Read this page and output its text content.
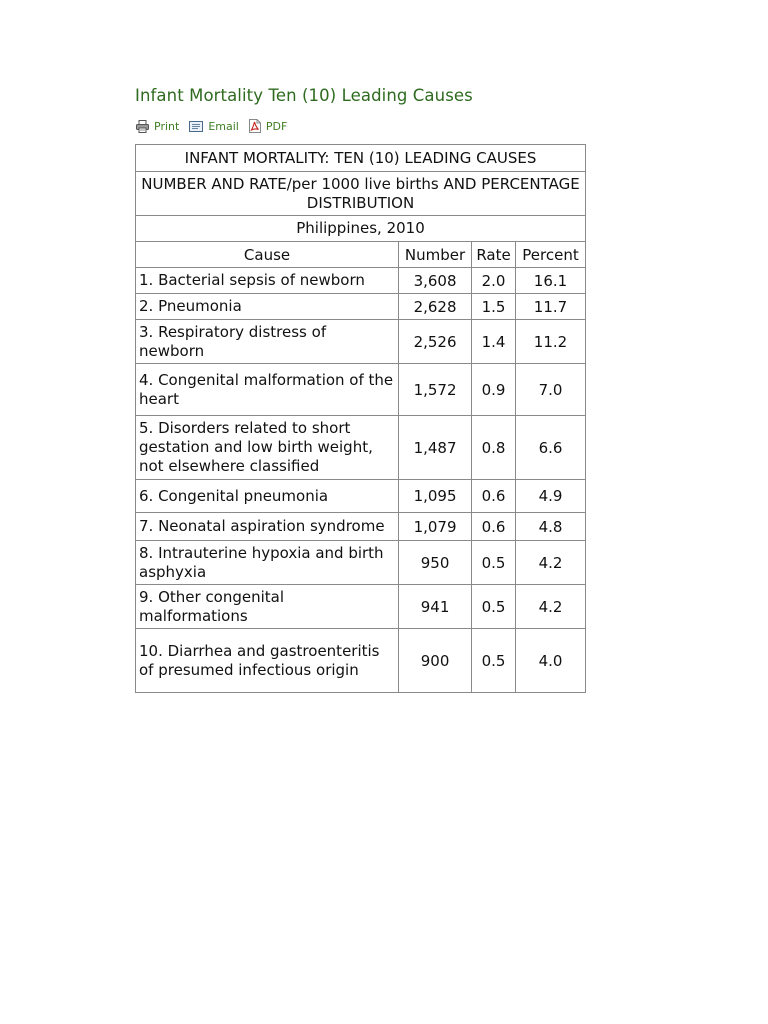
Infant Mortality Ten (10) Leading Causes
Print	Email PDF
INFANT MORTALITY: TEN (10) LEADING CAUSES			
NUMBER AND RATE/per 1000 live births AND PERCENTAGE DISTRIBUTION			
Philippines, 2010			
Cause	Number	Rate	Percent
1. Bacterial sepsis of newborn	3,608	2.0	16.1
2. Pneumonia	2,628	1.5	11.7
3. Respiratory distress of newborn	2,526	1.4	11.2
4. Congenital malformation of the heart	1,572	0.9	7.0
5. Disorders related to short gestation and low birth weight, not elsewhere classified	1,487	0.8	6.6
6. Congenital pneumonia	1,095	0.6	4.9
7. Neonatal aspiration syndrome	1,079	0.6	4.8
8. Intrauterine hypoxia and birth asphyxia	950	0.5	4.2
9. Other congenital malformations	941	0.5	4.2
10. Diarrhea and gastroenteritis of presumed infectious origin	900	0.5	4.0
